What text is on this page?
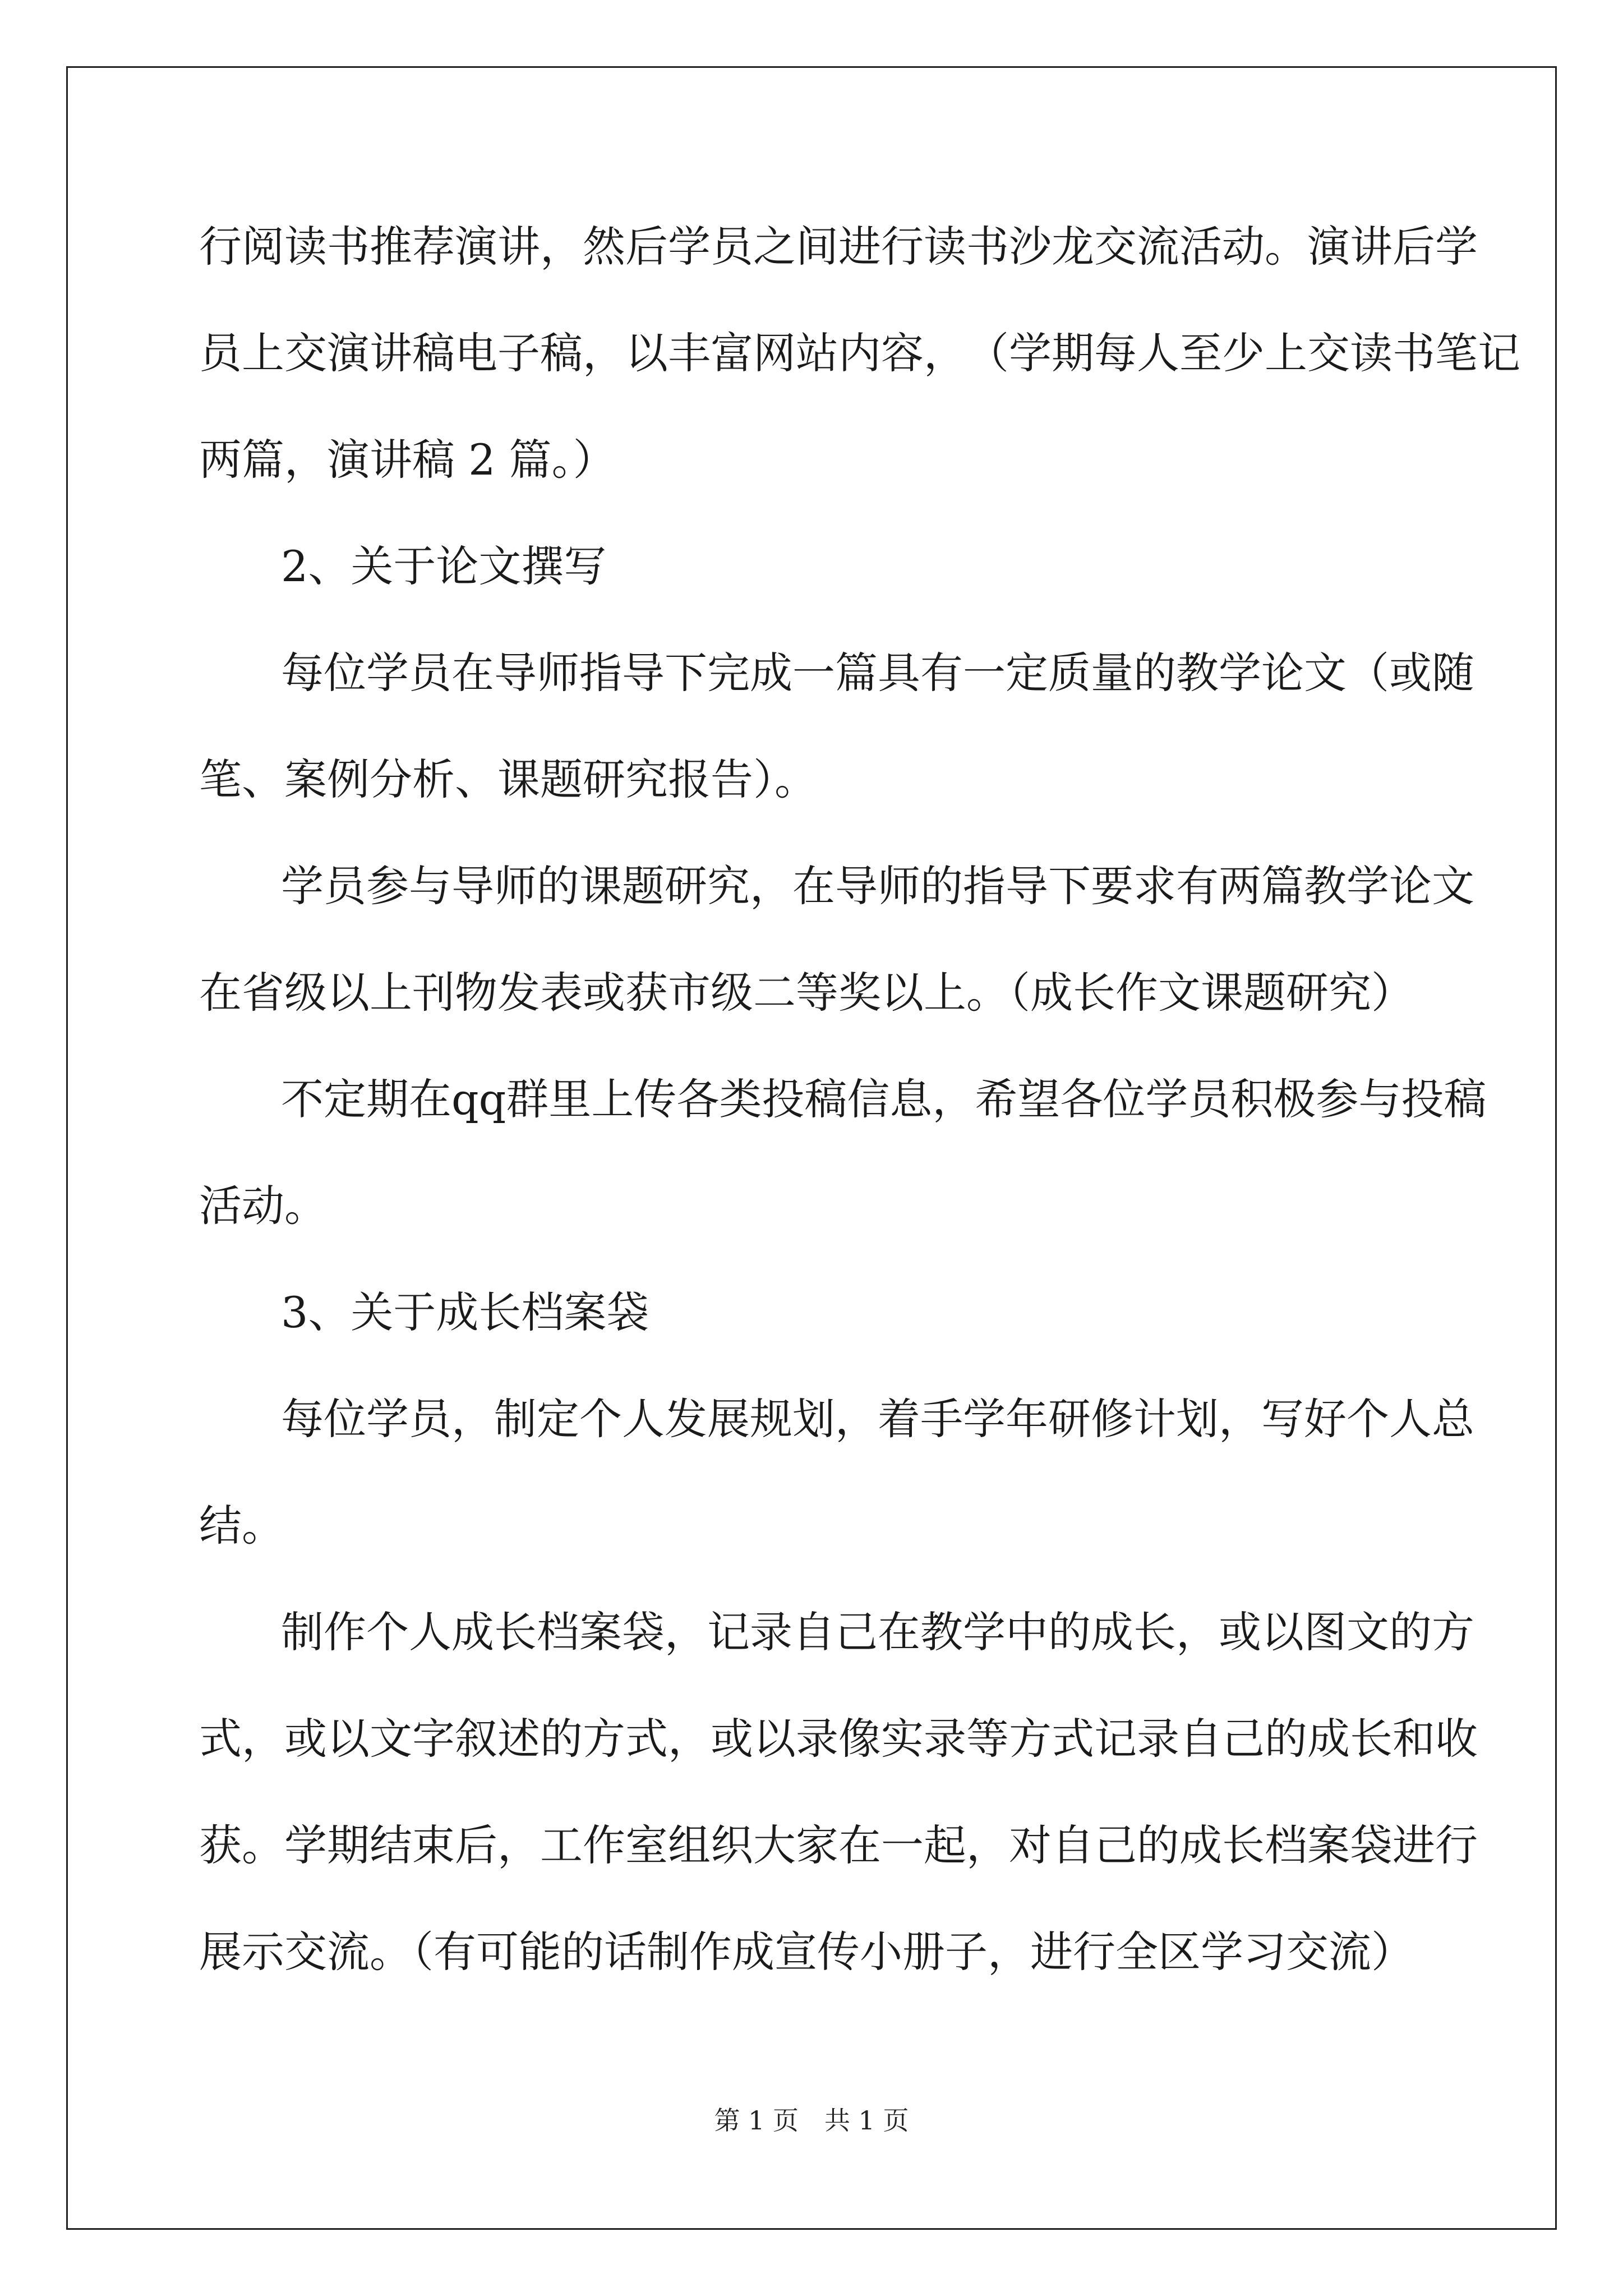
行 阅 读 书 推 荐 演 讲 ， 然 后 学 员 之 间 进 行 读 书 沙 龙 交 流 活 动 。 演 讲 后 学
员 上 交 演 讲 稿 电 子 稿 ， 以 丰 富 网 站 内 容 ， （ 学 期 每 人 至 少 上 交 读 书 笔 记
两篇，演讲稿 2 篇。）
2、关于论文撰写
每 位 学 员 在 导 师 指 导 下 完 成 一 篇 具 有 一 定 质 量 的 教 学 论 文 （ 或 随
笔、案例分析、课题研究报告）。
学 员 参 与 导 师 的 课 题 研 究 ， 在 导 师 的 指 导 下 要 求 有 两 篇 教 学 论 文
在省级以上刊物发表或获市级二等奖以上。（成长作文课题研究）
不 定 期 在 q q 群 里 上 传 各 类 投 稿 信 息 ， 希 望 各 位 学 员 积 极 参 与 投 稿
活动。
3、关于成长档案袋
每 位 学 员 ， 制 定 个 人 发 展 规 划 ， 着 手 学 年 研 修 计 划 ， 写 好 个 人 总
结。
制 作 个 人 成 长 档 案 袋 ， 记 录 自 己 在 教 学 中 的 成 长 ， 或 以 图 文 的 方
式 ， 或 以 文 字 叙 述 的 方 式 ， 或 以 录 像 实 录 等 方 式 记 录 自 己 的 成 长 和 收
获 。 学 期 结 束 后 ， 工 作 室 组 织 大 家 在 一 起 ， 对 自 己 的 成 长 档 案 袋 进 行
展示交流。（有可能的话制作成宣传小册子，进行全区学习交流）
第 1 页　共 1 页
